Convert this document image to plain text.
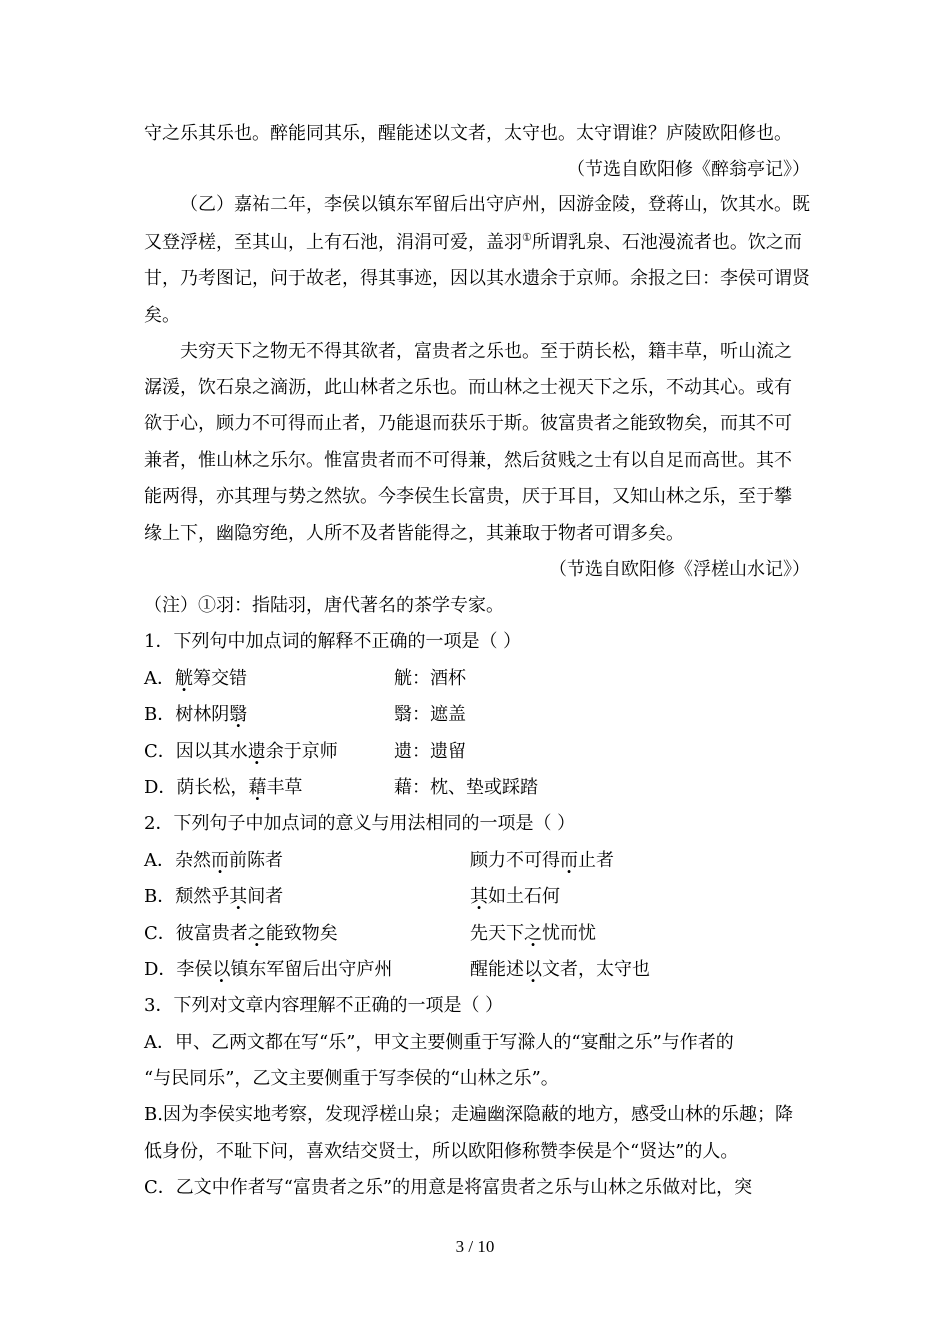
守之乐其乐也。醉能同其乐，醒能述以文者，太守也。太守谓谁？庐陵欧阳修也。
（节选自欧阳修《醉翁亭记》）
（乙）嘉祐二年，李侯以镇东军留后出守庐州，因游金陵，登蒋山，饮其水。既
又登浮槎，至其山，上有石池，涓涓可爱，盖羽①所谓乳泉、石池漫流者也。饮之而
甘，乃考图记，问于故老，得其事迹，因以其水遗余于京师。余报之曰：李侯可谓贤
矣。
夫穷天下之物无不得其欲者，富贵者之乐也。至于荫长松，籍丰草，听山流之
潺湲，饮石泉之滴沥，此山林者之乐也。而山林之士视天下之乐，不动其心。或有
欲于心，顾力不可得而止者，乃能退而获乐于斯。彼富贵者之能致物矣，而其不可
兼者，惟山林之乐尔。惟富贵者而不可得兼，然后贫贱之士有以自足而高世。其不
能两得，亦其理与势之然欤。今李侯生长富贵，厌于耳目，又知山林之乐，至于攀
缘上下，幽隐穷绝，人所不及者皆能得之，其兼取于物者可谓多矣。
（节选自欧阳修《浮槎山水记》）
（注）①羽：指陆羽，唐代著名的茶学专家。
1．下列句中加点词的解释不正确的一项是（ ）
A．觥筹交错	觥：酒杯
B．树林阴翳	翳：遮盖
C．因以其水遗余于京师	遗：遗留
D．荫长松，藉丰草	藉：枕、垫或踩踏
2．下列句子中加点词的意义与用法相同的一项是（ ）
A．杂然而前陈者	顾力不可得而止者
B．颓然乎其间者	其如土石何
C．彼富贵者之能致物矣	先天下之忧而忧
D．李侯以镇东军留后出守庐州	醒能述以文者，太守也
3．下列对文章内容理解不正确的一项是（ ）
A．甲、乙两文都在写“乐”，甲文主要侧重于写滁人的“宴酣之乐”与作者的
“与民同乐”，乙文主要侧重于写李侯的“山林之乐”。
B.因为李侯实地考察，发现浮槎山泉；走遍幽深隐蔽的地方，感受山林的乐趣；降
低身份，不耻下问，喜欢结交贤士，所以欧阳修称赞李侯是个“贤达”的人。
C．乙文中作者写“富贵者之乐”的用意是将富贵者之乐与山林之乐做对比，突
3 / 10
